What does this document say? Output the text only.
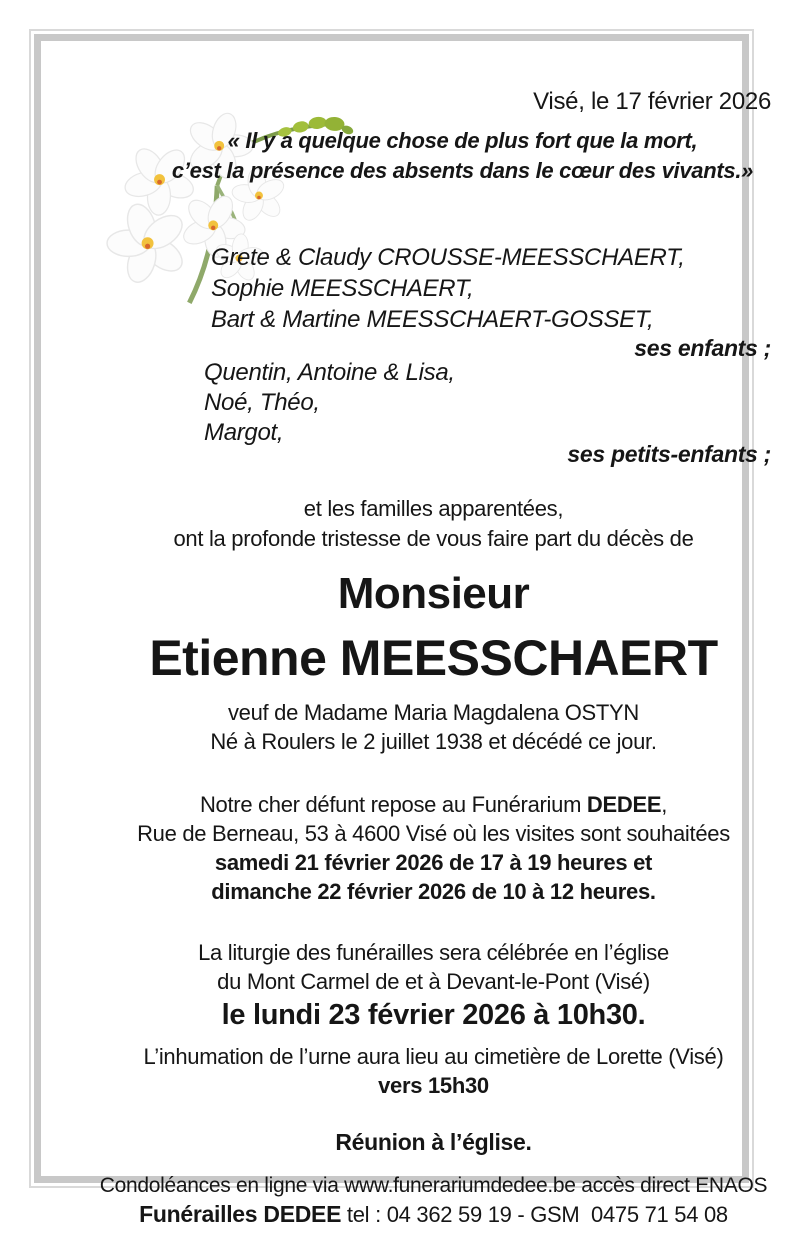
Visé, le 17 février 2026
« Il y a quelque chose de plus fort que la mort,
c’est la présence des absents dans le cœur des vivants.»
Grete & Claudy CROUSSE-MEESSCHAERT,
Sophie MEESSCHAERT,
Bart & Martine MEESSCHAERT-GOSSET,
ses enfants ;
Quentin, Antoine & Lisa,
Noé, Théo,
Margot,
ses petits-enfants ;
et les familles apparentées,
ont la profonde tristesse de vous faire part du décès de
Monsieur
Etienne MEESSCHAERT
veuf de Madame Maria Magdalena OSTYN
Né à Roulers le 2 juillet 1938 et décédé ce jour.
Notre cher défunt repose au Funérarium DEDEE,
Rue de Berneau, 53 à 4600 Visé où les visites sont souhaitées
samedi 21 février 2026 de 17 à 19 heures et
dimanche 22 février 2026 de 10 à 12 heures.
La liturgie des funérailles sera célébrée en l’église
du Mont Carmel de et à Devant-le-Pont (Visé)
le lundi 23 février 2026 à 10h30.
L’inhumation de l’urne aura lieu au cimetière de Lorette (Visé)
vers 15h30
Réunion à l’église.
Condoléances en ligne via www.funerariumdedee.be accès direct ENAOS
Funérailles DEDEE tel : 04 362 59 19 - GSM  0475 71 54 08
